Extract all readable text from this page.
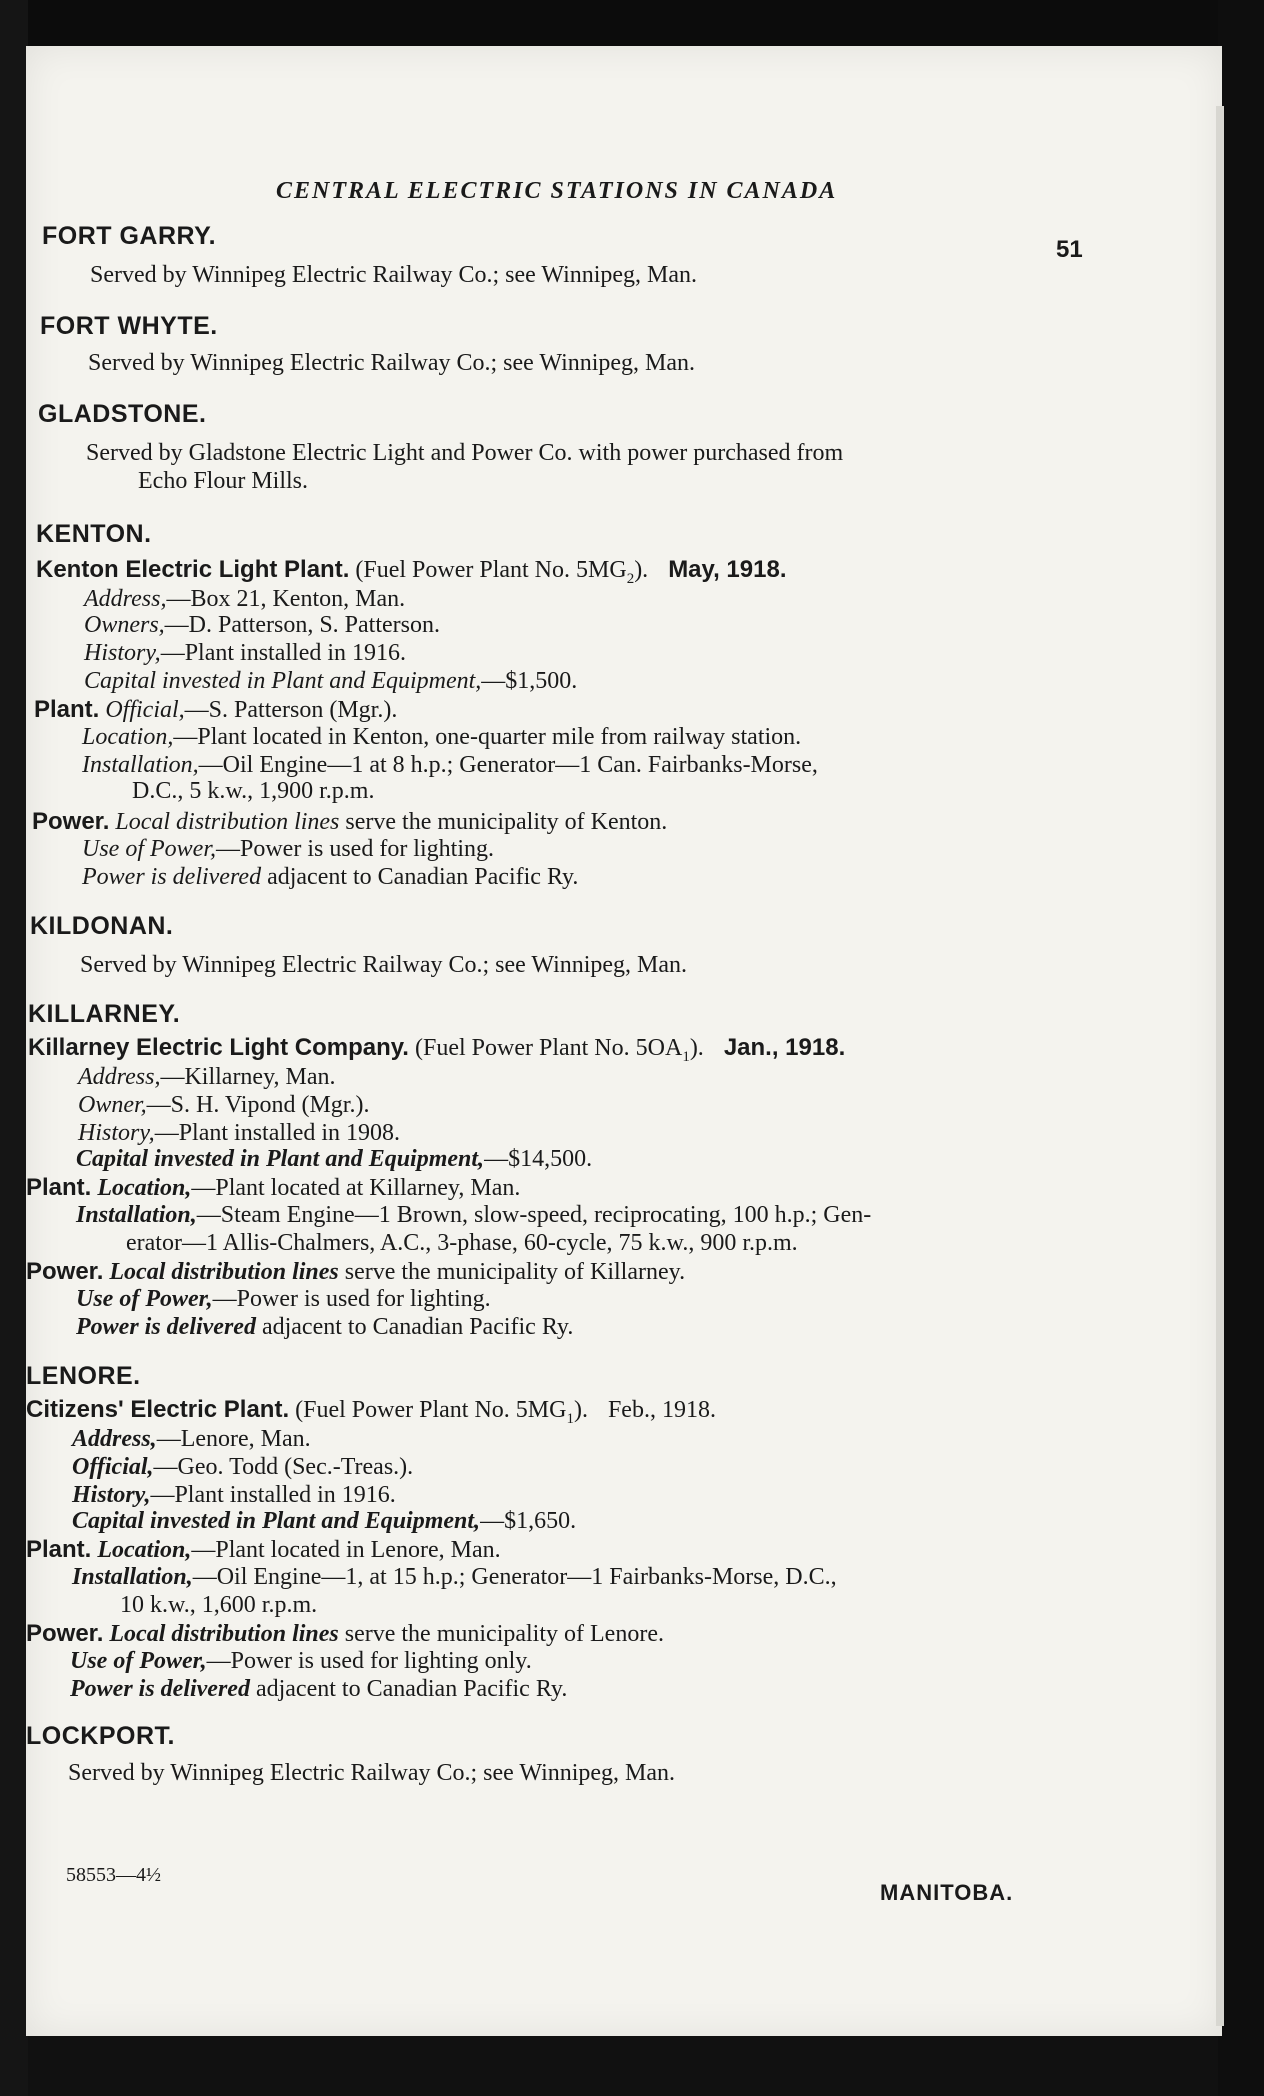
CENTRAL ELECTRIC STATIONS IN CANADA
51
FORT GARRY.
Served by Winnipeg Electric Railway Co.; see Winnipeg, Man.
FORT WHYTE.
Served by Winnipeg Electric Railway Co.; see Winnipeg, Man.
GLADSTONE.
Served by Gladstone Electric Light and Power Co. with power purchased from
Echo Flour Mills.
KENTON.
Kenton Electric Light Plant. (Fuel Power Plant No. $5MG_2$). May, 1918.
Address,—Box 21, Kenton, Man.
Owners,—D. Patterson, S. Patterson.
History,—Plant installed in 1916.
Capital invested in Plant and Equipment,—$1,500.
Plant. Official,—S. Patterson (Mgr.).
Location,—Plant located in Kenton, one-quarter mile from railway station.
Installation,—Oil Engine—1 at 8 h.p.; Generator—1 Can. Fairbanks-Morse,
D.C., 5 k.w., 1,900 r.p.m.
Power. Local distribution lines serve the municipality of Kenton.
Use of Power,—Power is used for lighting.
Power is delivered adjacent to Canadian Pacific Ry.
KILDONAN.
Served by Winnipeg Electric Railway Co.; see Winnipeg, Man.
KILLARNEY.
Killarney Electric Light Company. (Fuel Power Plant No. $5OA_1$). Jan., 1918.
Address,—Killarney, Man.
Owner,—S. H. Vipond (Mgr.).
History,—Plant installed in 1908.
Capital invested in Plant and Equipment,—$14,500.
Plant. Location,—Plant located at Killarney, Man.
Installation,—Steam Engine—1 Brown, slow-speed, reciprocating, 100 h.p.; Gen-
erator—1 Allis-Chalmers, A.C., 3-phase, 60-cycle, 75 k.w., 900 r.p.m.
Power. Local distribution lines serve the municipality of Killarney.
Use of Power,—Power is used for lighting.
Power is delivered adjacent to Canadian Pacific Ry.
LENORE.
Citizens' Electric Plant. (Fuel Power Plant No. $5MG_1$). Feb., 1918.
Address,—Lenore, Man.
Official,—Geo. Todd (Sec.-Treas.).
History,—Plant installed in 1916.
Capital invested in Plant and Equipment,—$1,650.
Plant. Location,—Plant located in Lenore, Man.
Installation,—Oil Engine—1, at 15 h.p.; Generator—1 Fairbanks-Morse, D.C.,
10 k.w., 1,600 r.p.m.
Power. Local distribution lines serve the municipality of Lenore.
Use of Power,—Power is used for lighting only.
Power is delivered adjacent to Canadian Pacific Ry.
LOCKPORT.
Served by Winnipeg Electric Railway Co.; see Winnipeg, Man.
58553—4½
MANITOBA.
